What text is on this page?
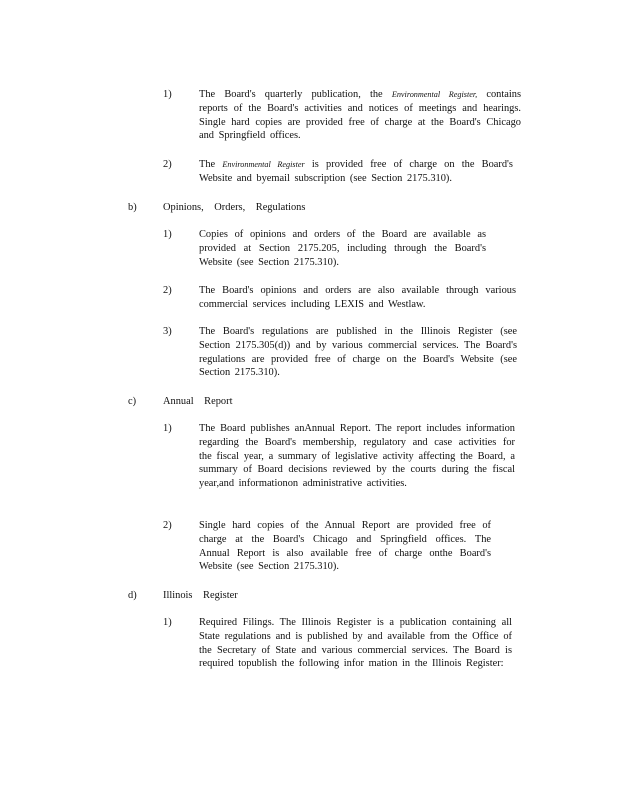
1)	The Board's quarterly publication, the Environmental Register, contains reports of the Board's activities and notices of meetings and hearings. Single hard copies are provided free of charge at the Board's Chicago and Springfield offices.
2)	The Environmental Register is provided free of charge on the Board's Website and byemail subscription (see Section 2175.310).
b)	Opinions, Orders, Regulations
1)	Copies of opinions and orders of the Board are available as provided at Section 2175.205, including through the Board's Website (see Section 2175.310).
2)	The Board's opinions and orders are also available through various commercial services including LEXIS and Westlaw.
3)	The Board's regulations are published in the Illinois Register (see Section 2175.305(d)) and by various commercial services. The Board's regulations are provided free of charge on the Board's Website (see Section 2175.310).
c)	Annual Report
1)	The Board publishes anAnnual Report. The report includes information regarding the Board's membership, regulatory and case activities for the fiscal year, a summary of legislative activity affecting the Board, a summary of Board decisions reviewed by the courts during the fiscal year,and informationon administrative activities.
2)	Single hard copies of the Annual Report are provided free of charge at the Board's Chicago and Springfield offices. The Annual Report is also available free of charge onthe Board's Website (see Section 2175.310).
d)	Illinois Register
1)	Required Filings. The Illinois Register is a publication containing all State regulations and is published by and available from the Office of the Secretary of State and various commercial services. The Board is required topublish the following infor mation in the Illinois Register:
